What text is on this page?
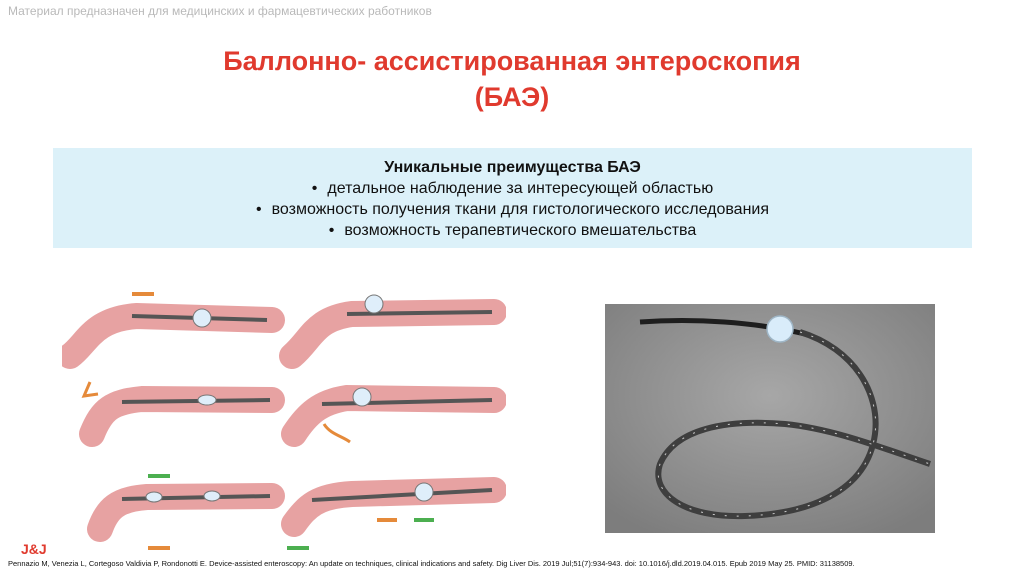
Материал предназначен для медицинских и фармацевтических работников
Баллонно- ассистированная энтероскопия
(БАЭ)
Уникальные преимущества БАЭ
• детальное наблюдение за интересующей областью
• возможность получения ткани для гистологического исследования
• возможность терапевтического вмешательства
J&J
Pennazio M, Venezia L, Cortegoso Valdivia P, Rondonotti E. Device-assisted enteroscopy: An update on techniques, clinical indications and safety. Dig Liver Dis. 2019 Jul;51(7):934-943. doi: 10.1016/j.dld.2019.04.015. Epub 2019 May 25. PMID: 31138509.
